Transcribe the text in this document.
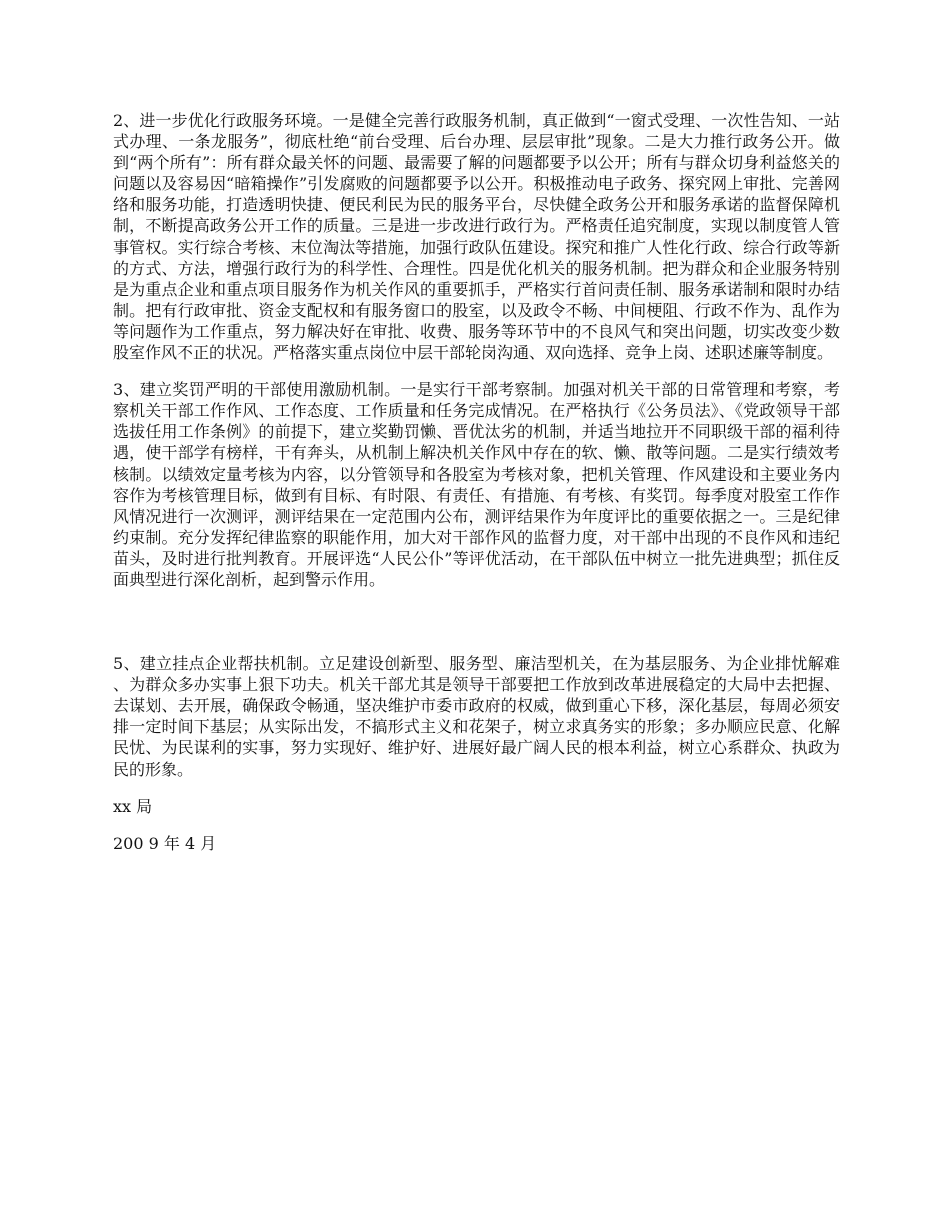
2、进一步优化行政服务环境。一是健全完善行政服务机制，真正做到“一窗式受理、一次性告知、一站式办理、一条龙服务”，彻底杜绝“前台受理、后台办理、层层审批”现象。二是大力推行政务公开。做到“两个所有”：所有群众最关怀的问题、最需要了解的问题都要予以公开；所有与群众切身利益悠关的问题以及容易因“暗箱操作”引发腐败的问题都要予以公开。积极推动电子政务、探究网上审批、完善网络和服务功能，打造透明快捷、便民利民为民的服务平台，尽快健全政务公开和服务承诺的监督保障机制，不断提高政务公开工作的质量。三是进一步改进行政行为。严格责任追究制度，实现以制度管人管事管权。实行综合考核、末位淘汰等措施，加强行政队伍建设。探究和推广人性化行政、综合行政等新的方式、方法，增强行政行为的科学性、合理性。四是优化机关的服务机制。把为群众和企业服务特别是为重点企业和重点项目服务作为机关作风的重要抓手，严格实行首问责任制、服务承诺制和限时办结制。把有行政审批、资金支配权和有服务窗口的股室，以及政令不畅、中间梗阻、行政不作为、乱作为等问题作为工作重点，努力解决好在审批、收费、服务等环节中的不良风气和突出问题，切实改变少数股室作风不正的状况。严格落实重点岗位中层干部轮岗沟通、双向选择、竞争上岗、述职述廉等制度。

3、建立奖罚严明的干部使用激励机制。一是实行干部考察制。加强对机关干部的日常管理和考察，考察机关干部工作作风、工作态度、工作质量和任务完成情况。在严格执行《公务员法》、《党政领导干部选拔任用工作条例》的前提下，建立奖勤罚懒、晋优汰劣的机制，并适当地拉开不同职级干部的福利待遇，使干部学有榜样，干有奔头，从机制上解决机关作风中存在的软、懒、散等问题。二是实行绩效考核制。以绩效定量考核为内容，以分管领导和各股室为考核对象，把机关管理、作风建设和主要业务内容作为考核管理目标，做到有目标、有时限、有责任、有措施、有考核、有奖罚。每季度对股室工作作风情况进行一次测评，测评结果在一定范围内公布，测评结果作为年度评比的重要依据之一。三是纪律约束制。充分发挥纪律监察的职能作用，加大对干部作风的监督力度，对干部中出现的不良作风和违纪苗头，及时进行批判教育。开展评选“人民公仆”等评优活动，在干部队伍中树立一批先进典型；抓住反面典型进行深化剖析，起到警示作用。

5、建立挂点企业帮扶机制。立足建设创新型、服务型、廉洁型机关，在为基层服务、为企业排忧解难、为群众多办实事上狠下功夫。机关干部尤其是领导干部要把工作放到改革进展稳定的大局中去把握、去谋划、去开展，确保政令畅通，坚决维护市委市政府的权威，做到重心下移，深化基层，每周必须安排一定时间下基层；从实际出发，不搞形式主义和花架子，树立求真务实的形象；多办顺应民意、化解民忧、为民谋利的实事，努力实现好、维护好、进展好最广阔人民的根本利益，树立心系群众、执政为民的形象。

xx 局

200 9 年 4 月
